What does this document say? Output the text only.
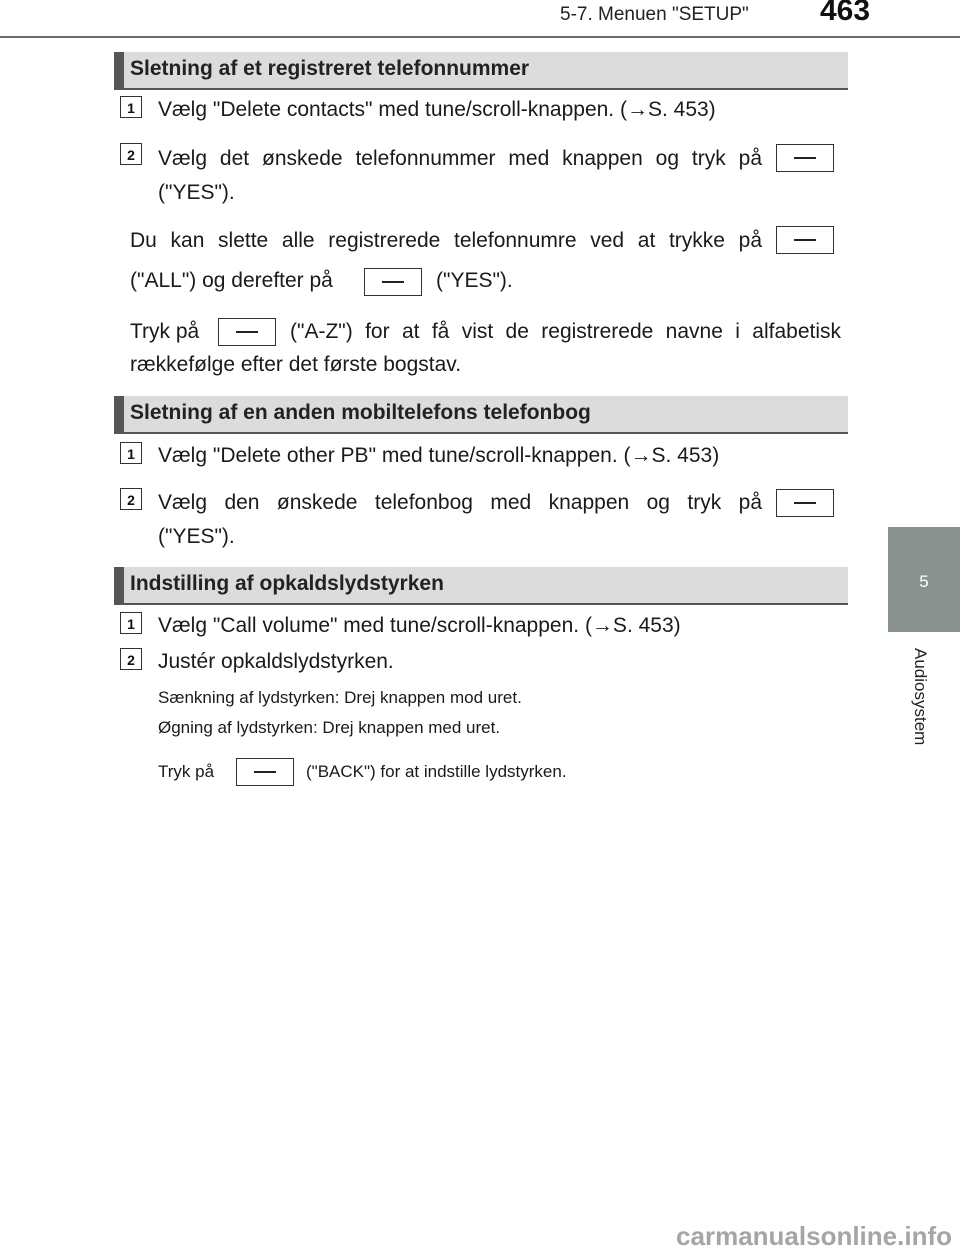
5-7. Menuen "SETUP" 463
5
Audiosystem
Sletning af et registreret telefonnummer
1	Vælg "Delete contacts" med tune/scroll-knappen. (→S. 453)
2	Vælg det ønskede telefonnummer med knappen og tryk på
("YES").
Du kan slette alle registrerede telefonnumre ved at trykke på
("ALL") og derefter på	("YES").
Tryk på	("A-Z") for at få vist de registrerede navne i alfabetisk
rækkefølge efter det første bogstav.
Sletning af en anden mobiltelefons telefonbog
1	Vælg "Delete other PB" med tune/scroll-knappen. (→S. 453)
2	Vælg den ønskede telefonbog med knappen og tryk på
("YES").
Indstilling af opkaldslydstyrken
1	Vælg "Call volume" med tune/scroll-knappen. (→S. 453)
2	Justér opkaldslydstyrken.
Sænkning af lydstyrken: Drej knappen mod uret.
Øgning af lydstyrken: Drej knappen med uret.
Tryk på	("BACK") for at indstille lydstyrken.
carmanualsonline.info
